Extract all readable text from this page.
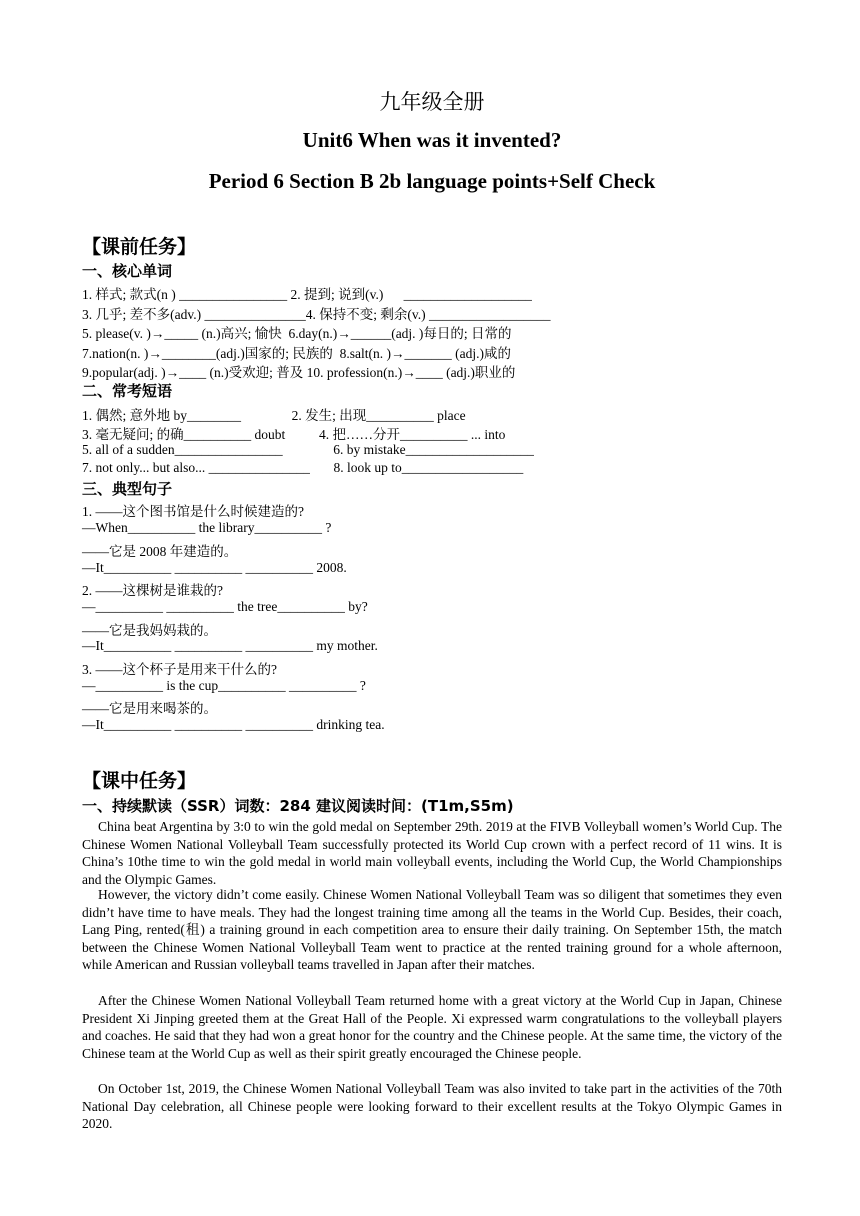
九年级全册
Unit6 When was it invented?
Period 6 Section B 2b language points+Self Check
【课前任务】
一、核心单词
1. 样式; 款式(n ) ________________ 2. 提到; 说到(v.)      ___________________
3. 几乎; 差不多(adv.) _______________4. 保持不变; 剩余(v.) __________________
5. please(v. )→_____ (n.)高兴; 愉快  6.day(n.)→______(adj. )每日的; 日常的
7.nation(n. )→________(adj.)国家的; 民族的  8.salt(n. )→_______ (adj.)咸的
9.popular(adj. )→____ (n.)受欢迎; 普及 10. profession(n.)→____ (adj.)职业的
二、常考短语
1. 偶然; 意外地 by________               2. 发生; 出现__________ place
3. 毫无疑问; 的确__________ doubt          4. 把……分开__________ ... into
5. all of a sudden________________               6. by mistake___________________
7. not only... but also... _______________       8. look up to__________________
三、典型句子
1. ——这个图书馆是什么时候建造的?
—When__________ the library__________ ?
——它是 2008 年建造的。
—It__________ __________ __________ 2008.
2. ——这棵树是谁栽的?
—__________ __________ the tree__________ by?
——它是我妈妈栽的。
—It__________ __________ __________ my mother.
3. ——这个杯子是用来干什么的?
—__________ is the cup__________ __________ ?
——它是用来喝茶的。
—It__________ __________ __________ drinking tea.
【课中任务】
一、持续默读（SSR）词数：284 建议阅读时间：(T1m,S5m)

China beat Argentina by 3:0 to win the gold medal on September 29th. 2019 at the FIVB Volleyball women’s World Cup. The Chinese Women National Volleyball Team successfully protected its World Cup crown with a perfect record of 11 wins. It is China’s 10the time to win the gold medal in world main volleyball events, including the World Cup, the World Championships and the Olympic Games.

However, the victory didn’t come easily. Chinese Women National Volleyball Team was so diligent that sometimes they even didn’t have time to have meals. They had the longest training time among all the teams in the World Cup. Besides, their coach, Lang Ping, rented(租) a training ground in each competition area to ensure their daily training. On September 15th, the match between the Chinese Women National Volleyball Team went to practice at the rented training ground for a whole afternoon, while American and Russian volleyball teams travelled in Japan after their matches.

After the Chinese Women National Volleyball Team returned home with a great victory at the World Cup in Japan, Chinese President Xi Jinping greeted them at the Great Hall of the People. Xi expressed warm congratulations to the volleyball players and coaches. He said that they had won a great honor for the country and the Chinese people. At the same time, the victory of the Chinese team at the World Cup as well as their spirit greatly encouraged the Chinese people.

On October 1st, 2019, the Chinese Women National Volleyball Team was also invited to take part in the activities of the 70th National Day celebration, all Chinese people were looking forward to their excellent results at the Tokyo Olympic Games in 2020.
